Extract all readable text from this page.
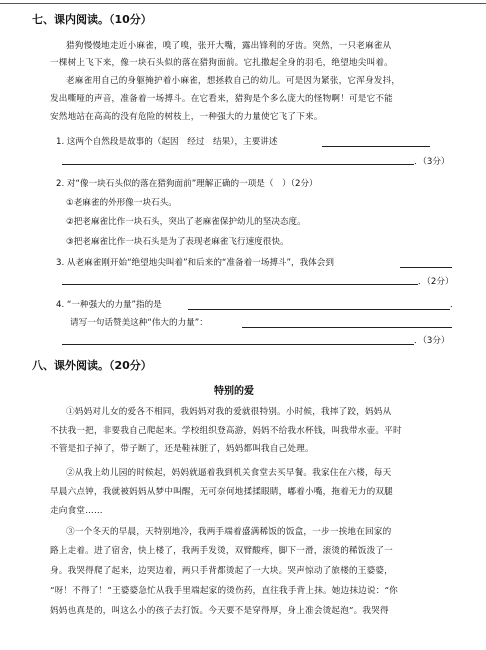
七、课内阅读。（10分）
猎狗慢慢地走近小麻雀，嗅了嗅，张开大嘴，露出锋利的牙齿。突然，一只老麻雀从
一棵树上飞下来，像一块石头似的落在猎狗面前。它扎撒起全身的羽毛，绝望地尖叫着。
老麻雀用自己的身躯掩护着小麻雀，想拯救自己的幼儿。可是因为紧张，它浑身发抖，
发出嘶哑的声音，准备着一场搏斗。在它看来，猎狗是个多么庞大的怪物啊！可是它不能
安然地站在高高的没有危险的树枝上，一种强大的力量使它飞了下来。
1. 这两个自然段是故事的（起因　经过　结果），主要讲述
．（3分）
2. 对“像一块石头似的落在猎狗面前”理解正确的一项是（　）（2分）
①老麻雀的外形像一块石头。
②把老麻雀比作一块石头，突出了老麻雀保护幼儿的坚决态度。
③把老麻雀比作一块石头是为了表现老麻雀飞行速度很快。
3. 从老麻雀刚开始“绝望地尖叫着”和后来的“准备着一场搏斗”，我体会到
．（2分）
4. “一种强大的力量”指的是	．
请写一句话赞美这种“伟大的力量”：
．（3分）
八、课外阅读。（20分）
特别的爱
①妈妈对儿女的爱各不相同，我妈妈对我的爱就很特别。小时候，我摔了跤，妈妈从
不扶我一把，非要我自己爬起来。学校组织登高游，妈妈不给我水杯钱，叫我带水壶。平时
不管是扣子掉了，带子断了，还是鞋袜脏了，妈妈都叫我自己处理。
②从我上幼儿园的时候起，妈妈就逼着我到机关食堂去买早餐。我家住在六楼，每天
早晨六点钟，我就被妈妈从梦中叫醒，无可奈何地揉揉眼睛，嘟着小嘴，拖着无力的双腿
走向食堂……
③一个冬天的早晨，天特别地冷，我两手端着盛满稀饭的饭盒，一步一挨地在回家的
路上走着。进了宿舍，快上楼了，我两手发烫，双臂酸疼，脚下一滑，滚烫的稀饭泼了一
身。我哭得爬了起来，边哭边着，两只手背都烫起了一大块。哭声惊动了旅楼的王婆婆，
“呀！不得了！”王婆婆急忙从我手里端起家的烫伤药，直往我手背上抹。她边抹边说：“你
妈妈也真是的，叫这么小的孩子去打饭。今天要不是穿得厚，身上准会烫起泡”。我哭得
